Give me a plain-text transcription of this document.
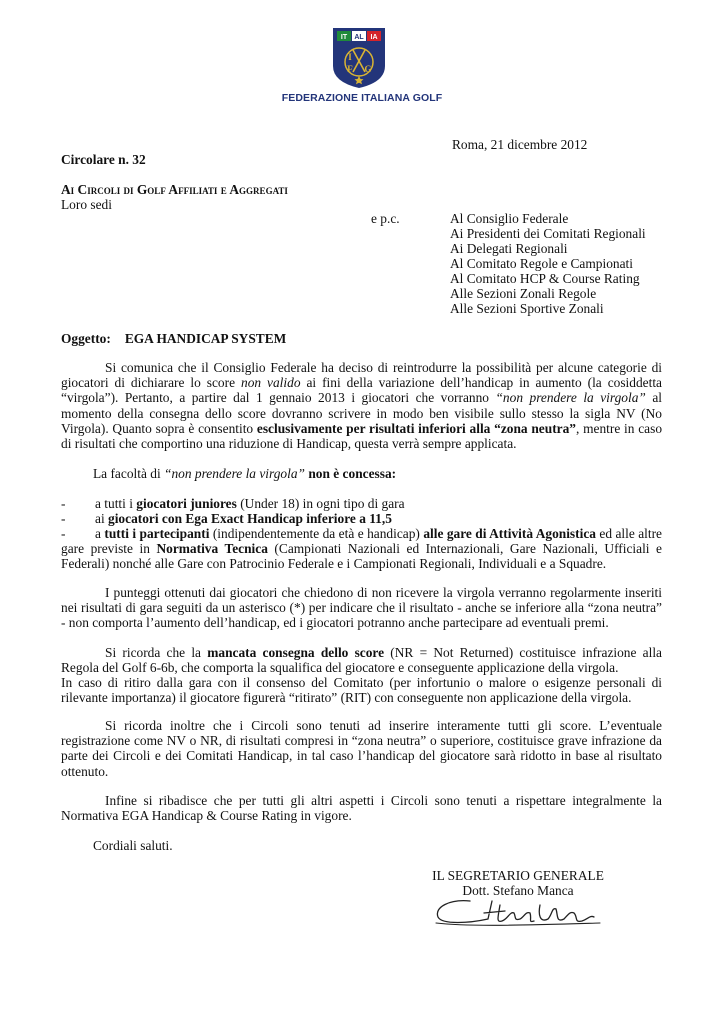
IT AL IA
I
F G
FEDERAZIONE ITALIANA GOLF
Roma, 21 dicembre 2012
Circolare n. 32
Ai Circoli di Golf Affiliati e Aggregati
Loro sedi
e p.c.	Al Consiglio Federale
Ai Presidenti dei Comitati Regionali
Ai Delegati Regionali
Al Comitato Regole e Campionati
Al Comitato HCP & Course Rating
Alle Sezioni Zonali Regole
Alle Sezioni Sportive Zonali
Oggetto: EGA HANDICAP SYSTEM
Si comunica che il Consiglio Federale ha deciso di reintrodurre la possibilità per alcune categorie di giocatori di dichiarare lo score non valido ai fini della variazione dell’handicap in aumento (la cosiddetta “virgola”). Pertanto, a partire dal 1 gennaio 2013 i giocatori che vorranno “non prendere la virgola” al momento della consegna dello score dovranno scrivere in modo ben visibile sullo stesso la sigla NV (No Virgola). Quanto sopra è consentito esclusivamente per risultati inferiori alla “zona neutra”, mentre in caso di risultati che comportino una riduzione di Handicap, questa verrà sempre applicata.
La facoltà di “non prendere la virgola” non è concessa:
- a tutti i giocatori juniores (Under 18) in ogni tipo di gara
- ai giocatori con Ega Exact Handicap inferiore a 11,5
-	a tutti i partecipanti (indipendentemente da età e handicap) alle gare di Attività Agonistica ed alle altre gare previste in Normativa Tecnica (Campionati Nazionali ed Internazionali, Gare Nazionali, Ufficiali e Federali) nonché alle Gare con Patrocinio Federale e i Campionati Regionali, Individuali e a Squadre.
I punteggi ottenuti dai giocatori che chiedono di non ricevere la virgola verranno regolarmente inseriti nei risultati di gara seguiti da un asterisco (*) per indicare che il risultato - anche se inferiore alla “zona neutra” - non comporta l’aumento dell’handicap, ed i giocatori potranno anche partecipare ad eventuali premi.
Si ricorda che la mancata consegna dello score (NR = Not Returned) costituisce infrazione alla Regola del Golf 6-6b, che comporta la squalifica del giocatore e conseguente applicazione della virgola.
In caso di ritiro dalla gara con il consenso del Comitato (per infortunio o malore o esigenze personali di rilevante importanza) il giocatore figurerà “ritirato” (RIT) con conseguente non applicazione della virgola.
Si ricorda inoltre che i Circoli sono tenuti ad inserire interamente tutti gli score. L’eventuale registrazione come NV o NR, di risultati compresi in “zona neutra” o superiore, costituisce grave infrazione da parte dei Circoli e dei Comitati Handicap, in tal caso l’handicap del giocatore sarà ridotto in base al risultato ottenuto.
Infine si ribadisce che per tutti gli altri aspetti i Circoli sono tenuti a rispettare integralmente la Normativa EGA Handicap & Course Rating in vigore.
Cordiali saluti.
IL SEGRETARIO GENERALE
Dott. Stefano Manca
